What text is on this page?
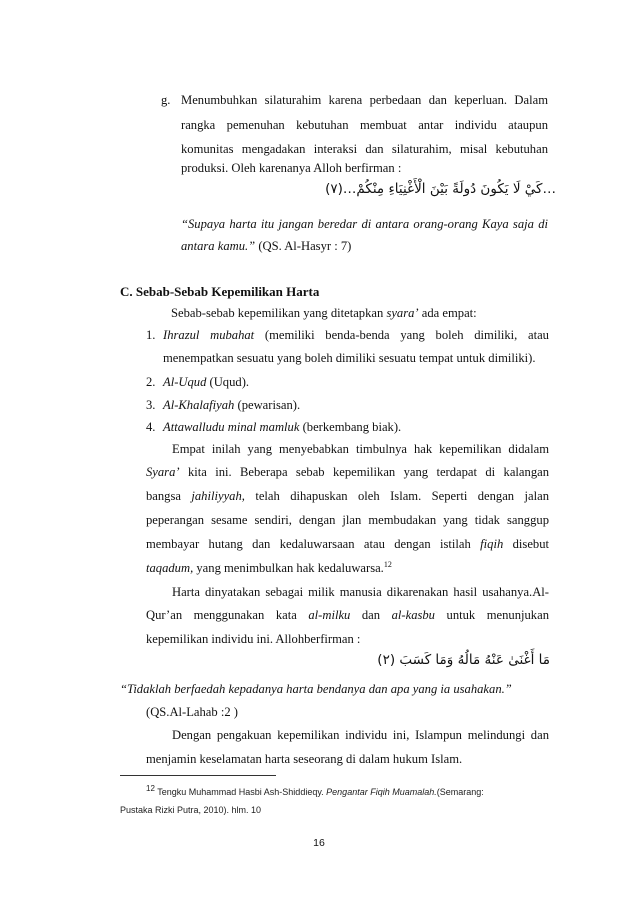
g. Menumbuhkan silaturahim karena perbedaan dan keperluan. Dalam
rangka pemenuhan kebutuhan membuat antar individu ataupun
komunitas mengadakan interaksi dan silaturahim, misal kebutuhan
produksi. Oleh karenanya Alloh berfirman :
…كَيْ لَا يَكُونَ دُولَةً بَيْنَ الْأَغْنِيَاءِ مِنْكُمْ…(٧)
“Supaya harta itu jangan beredar di antara orang-orang Kaya saja di
antara kamu.” (QS. Al-Hasyr : 7)
C. Sebab-Sebab Kepemilikan Harta
Sebab-sebab kepemilikan yang ditetapkan syara’ ada empat:
1. Ihrazul mubahat (memiliki benda-benda yang boleh dimiliki, atau
menempatkan sesuatu yang boleh dimiliki sesuatu tempat untuk dimiliki).
2. Al-Uqud (Uqud).
3. Al-Khalafiyah (pewarisan).
4. Attawalludu minal mamluk (berkembang biak).
Empat inilah yang menyebabkan timbulnya hak kepemilikan didalam
Syara’ kita ini. Beberapa sebab kepemilikan yang terdapat di kalangan
bangsa jahiliyyah, telah dihapuskan oleh Islam. Seperti dengan jalan
peperangan sesame sendiri, dengan jlan membudakan yang tidak sanggup
membayar hutang dan kedaluwarsaan atau dengan istilah fiqih disebut
taqadum, yang menimbulkan hak kedaluwarsa.$^{12}$
Harta dinyatakan sebagai milik manusia dikarenakan hasil usahanya.Al-
Qur’an menggunakan kata al-milku dan al-kasbu untuk menunjukan
kepemilikan individu ini. Allohberfirman :
مَا أَغْنَىٰ عَنْهُ مَالُهُ وَمَا كَسَبَ (٢)
“Tidaklah berfaedah kepadanya harta bendanya dan apa yang ia usahakan.”
(QS.Al-Lahab :2 )
Dengan pengakuan kepemilikan individu ini, Islampun melindungi dan
menjamin keselamatan harta seseorang di dalam hukum Islam.
$^{12}$ Tengku Muhammad Hasbi Ash-Shiddieqy. Pengantar Fiqih Muamalah.(Semarang:
Pustaka Rizki Putra, 2010). hlm. 10
16
